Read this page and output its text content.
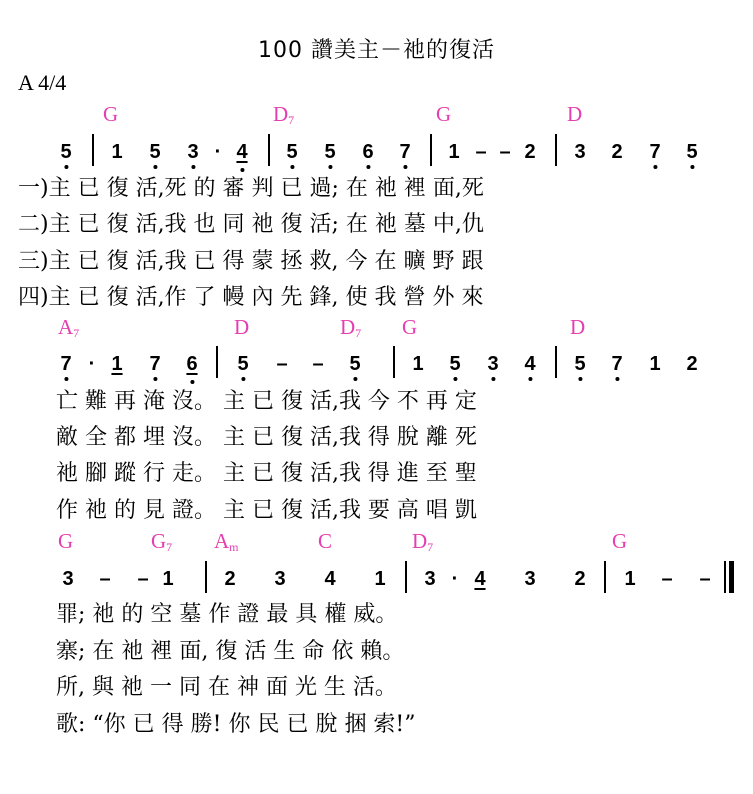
100 讚美主－祂的復活
A 4/4
G	$D_7$	G	D
5 1 5 3 · 4 5 5 6 7 1 – – 2 3 2 7 5
一)主 已 復 活,死 的 審 判 已 過; 在 祂 裡 面,死
二)主 已 復 活,我 也 同 祂 復 活; 在 祂 墓 中,仇
三)主 已 復 活,我 已 得 蒙 拯 救, 今 在 曠 野 跟
四)主 已 復 活,作 了 幔 內 先 鋒, 使 我 營 外 來
$A_7$	D	$D_7$ G	D
7 · 1 7 6 5 – – 5	1 5 3 4 5 7 1 2
亡 難 再 淹 沒。 主 已 復 活,我 今 不 再 定
敵 全 都 埋 沒。 主 已 復 活,我 得 脫 離 死
祂 腳 蹤 行 走。 主 已 復 活,我 得 進 至 聖
作 祂 的 見 證。 主 已 復 活,我 要 高 唱 凱
G	$G_7$ $A_m$	C	$D_7$	G
3 – – 1	2 3 4 1 3 · 4 3 2 1 – –
罪; 祂 的 空 墓 作 證 最 具 權 威。
寨; 在 祂 裡 面, 復 活 生 命 依 賴。
所, 與 祂 一 同 在 神 面 光 生 活。
歌: “你 已 得 勝! 你 民 已 脫 捆 索!”
